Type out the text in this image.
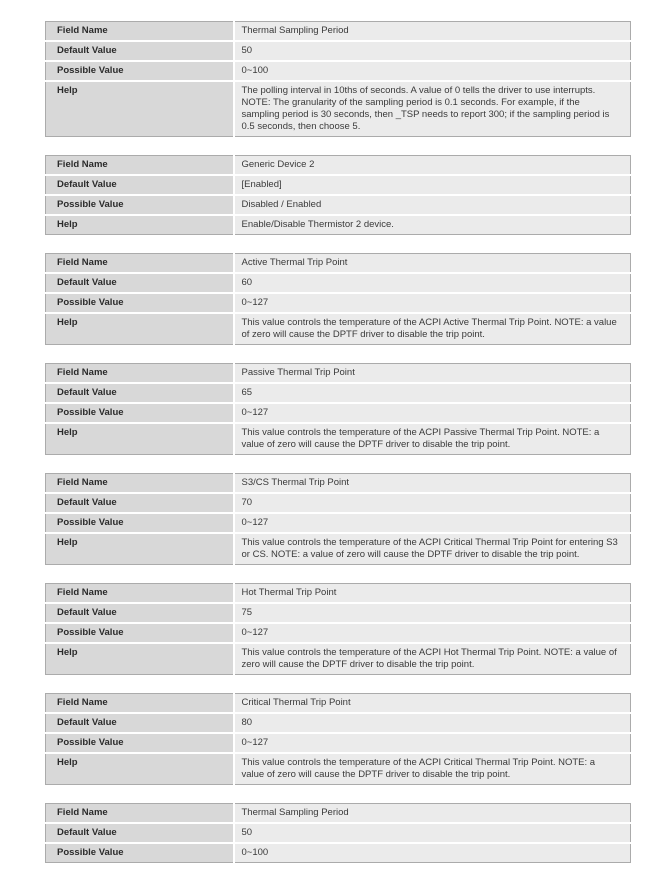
Field Name	Thermal Sampling Period
Default Value	50
Possible Value	0~100
Help	The polling interval in 10ths of seconds. A value of 0 tells the driver to use interrupts. NOTE: The granularity of the sampling period is 0.1 seconds. For example, if the sampling period is 30 seconds, then _TSP needs to report 300; if the sampling period is 0.5 seconds, then choose 5.
Field Name	Generic Device 2
Default Value	[Enabled]
Possible Value	Disabled / Enabled
Help	Enable/Disable Thermistor 2 device.
Field Name	Active Thermal Trip Point
Default Value	60
Possible Value	0~127
Help	This value controls the temperature of the ACPI Active Thermal Trip Point. NOTE: a value of zero will cause the DPTF driver to disable the trip point.
Field Name	Passive Thermal Trip Point
Default Value	65
Possible Value	0~127
Help	This value controls the temperature of the ACPI Passive Thermal Trip Point. NOTE: a value of zero will cause the DPTF driver to disable the trip point.
Field Name	S3/CS Thermal Trip Point
Default Value	70
Possible Value	0~127
Help	This value controls the temperature of the ACPI Critical Thermal Trip Point for entering S3 or CS. NOTE: a value of zero will cause the DPTF driver to disable the trip point.
Field Name	Hot Thermal Trip Point
Default Value	75
Possible Value	0~127
Help	This value controls the temperature of the ACPI Hot Thermal Trip Point. NOTE: a value of zero will cause the DPTF driver to disable the trip point.
Field Name	Critical Thermal Trip Point
Default Value	80
Possible Value	0~127
Help	This value controls the temperature of the ACPI Critical Thermal Trip Point. NOTE: a value of zero will cause the DPTF driver to disable the trip point.
Field Name	Thermal Sampling Period
Default Value	50
Possible Value	0~100
